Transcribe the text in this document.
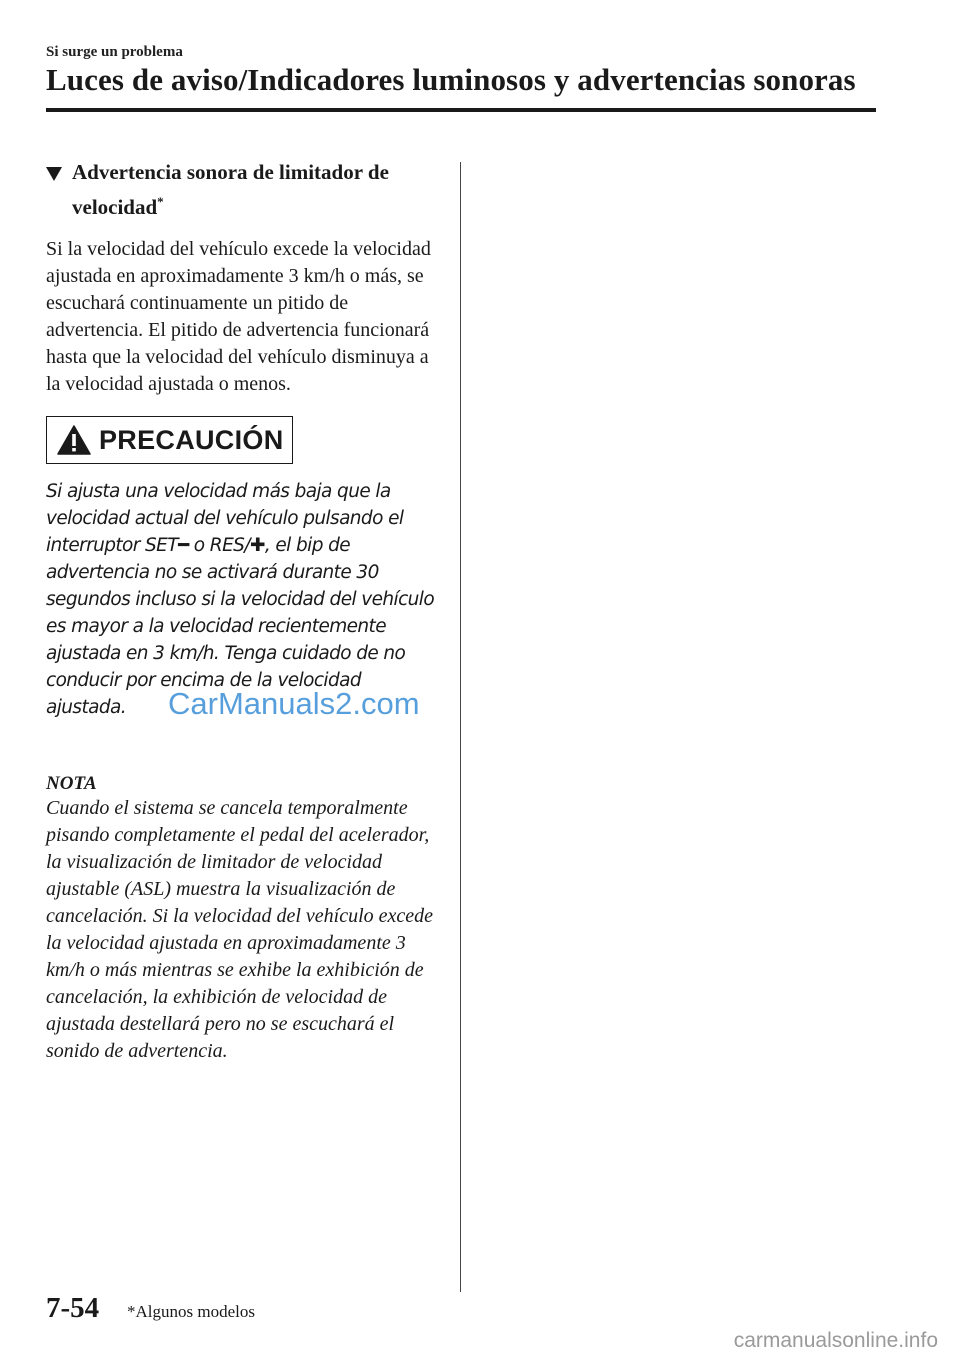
Si surge un problema
Luces de aviso/Indicadores luminosos y advertencias sonoras
Advertencia sonora de limitador de velocidad*
Si la velocidad del vehículo excede la velocidad ajustada en aproximadamente 3 km/h o más, se escuchará continuamente un pitido de advertencia. El pitido de advertencia funcionará hasta que la velocidad del vehículo disminuya a la velocidad ajustada o menos.
PRECAUCIÓN
Si ajusta una velocidad más baja que la velocidad actual del vehículo pulsando el interruptor SET━ o RES/✚, el bip de advertencia no se activará durante 30 segundos incluso si la velocidad del vehículo es mayor a la velocidad recientemente ajustada en 3 km/h. Tenga cuidado de no conducir por encima de la velocidad ajustada.
NOTA
Cuando el sistema se cancela temporalmente pisando completamente el pedal del acelerador, la visualización de limitador de velocidad ajustable (ASL) muestra la visualización de cancelación. Si la velocidad del vehículo excede la velocidad ajustada en aproximadamente 3 km/h o más mientras se exhibe la exhibición de cancelación, la exhibición de velocidad de ajustada destellará pero no se escuchará el sonido de advertencia.
CarManuals2.com
7-54 *Algunos modelos
carmanualsonline.info
